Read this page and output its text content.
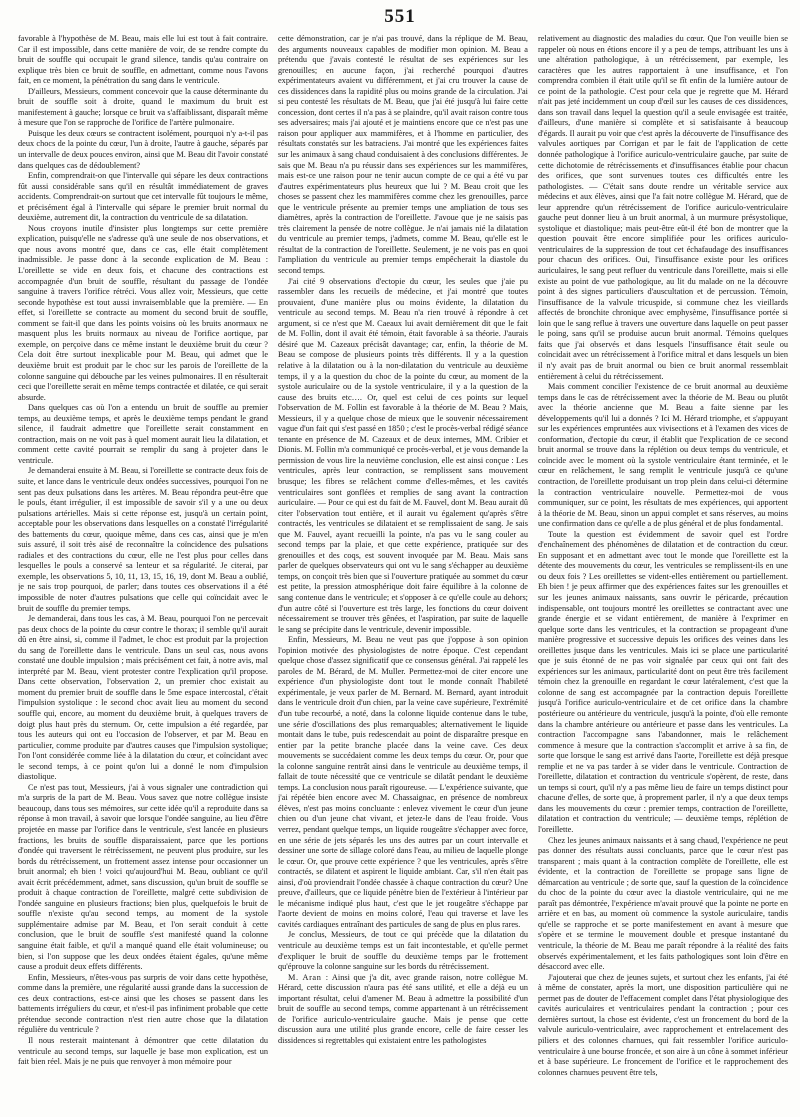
551

favorable à l'hypothèse de M. Beau, mais elle lui est tout à fait contraire. Car il est impossible, dans cette manière de voir, de se rendre compte du bruit de souffle qui occupait le grand silence, tandis qu'au contraire on explique très bien ce bruit de souffle, en admettant, comme nous l'avons fait, en ce moment, la pénétration du sang dans le ventricule.

D'ailleurs, Messieurs, comment concevoir que la cause déterminante du bruit de souffle soit à droite, quand le maximum du bruit est manifestement à gauche; lorsque ce bruit va s'affaiblissant, disparaît même à mesure que l'on se rapproche de l'orifice de l'artère pulmonaire.

Puisque les deux cœurs se contractent isolément, pourquoi n'y a-t-il pas deux chocs de la pointe du cœur, l'un à droite, l'autre à gauche, séparés par un intervalle de deux pouces environ, ainsi que M. Beau dit l'avoir constaté dans quelques cas de dédoublement?

Enfin, comprendrait-on que l'intervalle qui sépare les deux contractions fût aussi considérable sans qu'il en résultât immédiatement de graves accidents. Comprendrait-on surtout que cet intervalle fût toujours le même, et précisément égal à l'intervalle qui sépare le premier bruit normal du deuxième, autrement dit, la contraction du ventricule de sa dilatation.

Nous croyons inutile d'insister plus longtemps sur cette première explication, puisqu'elle ne s'adresse qu'à une seule de nos observations, et que nous avons montré que, dans ce cas, elle était complètement inadmissible. Je passe donc à la seconde explication de M. Beau : L'oreillette se vide en deux fois, et chacune des contractions est accompagnée d'un bruit de souffle, résultant du passage de l'ondée sanguine à travers l'orifice rétréci. Vous allez voir, Messieurs, que cette seconde hypothèse est tout aussi invraisemblable que la première. — En effet, si l'oreillette se contracte au moment du second bruit de souffle, comment se fait-il que dans les points voisins où les bruits anormaux ne masquent plus les bruits normaux au niveau de l'orifice aortique, par exemple, on perçoive dans ce même instant le deuxième bruit du cœur ? Cela doit être surtout inexplicable pour M. Beau, qui admet que le deuxième bruit est produit par le choc sur les parois de l'oreillette de la colonne sanguine qui débouche par les veines pulmonaires. Il en résulterait ceci que l'oreillette serait en même temps contractée et dilatée, ce qui serait absurde.

Dans quelques cas où l'on a entendu un bruit de souffle au premier temps, au deuxième temps, et après le deuxième temps pendant le grand silence, il faudrait admettre que l'oreillette serait constamment en contraction, mais on ne voit pas à quel moment aurait lieu la dilatation, et comment cette cavité pourrait se remplir du sang à projeter dans le ventricule.

Je demanderai ensuite à M. Beau, si l'oreillette se contracte deux fois de suite, et lance dans le ventricule deux ondées successives, pourquoi l'on ne sent pas deux pulsations dans les artères. M. Beau répondra peut-être que le pouls, étant irrégulier, il est impossible de savoir s'il y a une ou deux pulsations artérielles. Mais si cette réponse est, jusqu'à un certain point, acceptable pour les observations dans lesquelles on a constaté l'irrégularité des battements du cœur, quoique même, dans ces cas, ainsi que je m'en suis assuré, il soit très aisé de reconnaître la coïncidence des pulsations radiales et des contractions du cœur, elle ne l'est plus pour celles dans lesquelles le pouls a conservé sa lenteur et sa régularité. Je citerai, par exemple, les observations 5, 10, 11, 13, 15, 16, 19, dont M. Beau a oublié, je ne sais trop pourquoi, de parler; dans toutes ces observations il a été impossible de noter d'autres pulsations que celle qui coïncidait avec le bruit de souffle du premier temps.

Je demanderai, dans tous les cas, à M. Beau, pourquoi l'on ne percevait pas deux chocs de la pointe du cœur contre le thorax; il semble qu'il aurait dû en être ainsi, si, comme il l'admet, le choc est produit par la projection du sang de l'oreillette dans le ventricule. Dans un seul cas, nous avons constaté une double impulsion ; mais précisément cet fait, à notre avis, mal interprété par M. Beau, vient protester contre l'explication qu'il propose. Dans cette observation, l'observation 2, un premier choc existait au moment du premier bruit de souffle dans le 5me espace intercostal, c'était l'impulsion systolique : le second choc avait lieu au moment du second souffle qui, encore, au moment du deuxième bruit, à quelques travers de doigt plus haut près du sternum. Or, cette impulsion a été regardée, par tous les auteurs qui ont eu l'occasion de l'observer, et par M. Beau en particulier, comme produite par d'autres causes que l'impulsion systolique; l'on l'ont considérée comme liée à la dilatation du cœur, et coïncidant avec le second temps, à ce point qu'on lui a donné le nom d'impulsion diastolique.

Ce n'est pas tout, Messieurs, j'ai à vous signaler une contradiction qui m'a surpris de la part de M. Beau. Vous savez que notre collègue insiste beaucoup, dans tous ses mémoires, sur cette idée qu'il a reproduite dans sa réponse à mon travail, à savoir que lorsque l'ondée sanguine, au lieu d'être projetée en masse par l'orifice dans le ventricule, s'est lancée en plusieurs fractions, les bruits de souffle disparaissaient, parce que les portions d'ondée qui traversent le rétrécissement, ne peuvent plus produire, sur les bords du rétrécissement, un frottement assez intense pour occasionner un bruit anormal; eh bien ! voici qu'aujourd'hui M. Beau, oubliant ce qu'il avait écrit précédemment, admet, sans discussion, qu'un bruit de souffle se produit à chaque contraction de l'oreillette, malgré cette subdivision de l'ondée sanguine en plusieurs fractions; bien plus, quelquefois le bruit de souffle n'existe qu'au second temps, au moment de la systole supplémentaire admise par M. Beau, et l'on serait conduit à cette conclusion, que le bruit de souffle s'est manifesté quand la colonne sanguine était faible, et qu'il a manqué quand elle était volumineuse; ou bien, si l'on suppose que les deux ondées étaient égales, qu'une même cause a produit deux effets différents.

Enfin, Messieurs, n'êtes-vous pas surpris de voir dans cette hypothèse, comme dans la première, une régularité aussi grande dans la succession de ces deux contractions, est-ce ainsi que les choses se passent dans les battements irréguliers du cœur, et n'est-il pas infiniment probable que cette prétendue seconde contraction n'est rien autre chose que la dilatation régulière du ventricule ?

Il nous resterait maintenant à démontrer que cette dilatation du ventricule au second temps, sur laquelle je base mon explication, est un fait bien réel. Mais je ne puis que renvoyer à mon mémoire pour

cette démonstration, car je n'ai pas trouvé, dans la réplique de M. Beau, des arguments nouveaux capables de modifier mon opinion. M. Beau a prétendu que j'avais contesté le résultat de ses expériences sur les grenouilles; en aucune façon, j'ai recherché pourquoi d'autres expérimentateurs avaient vu différemment, et j'ai cru trouver la cause de ces dissidences dans la rapidité plus ou moins grande de la circulation. J'ai si peu contesté les résultats de M. Beau, que j'ai été jusqu'à lui faire cette concession, dont certes il n'a pas à se plaindre, qu'il avait raison contre tous ses adversaires; mais j'ai ajouté et je maintiens encore que ce n'est pas une raison pour appliquer aux mammifères, et à l'homme en particulier, des résultats constatés sur les batraciens. J'ai montré que les expériences faites sur les animaux à sang chaud conduisaient à des conclusions différentes. Je sais que M. Beau n'a pu réussir dans ses expériences sur les mammifères, mais est-ce une raison pour ne tenir aucun compte de ce qui a été vu par d'autres expérimentateurs plus heureux que lui ? M. Beau croit que les choses se passent chez les mammifères comme chez les grenouilles, parce que le ventricule présente au premier temps une ampliation de tous ses diamètres, après la contraction de l'oreillette. J'avoue que je ne saisis pas très clairement la pensée de notre collègue. Je n'ai jamais nié la dilatation du ventricule au premier temps, j'admets, comme M. Beau, qu'elle est le résultat de la contraction de l'oreillette. Seulement, je ne vois pas en quoi l'ampliation du ventricule au premier temps empêcherait la diastole du second temps.

J'ai cité 9 observations d'ectopie du cœur, les seules que j'aie pu rassembler dans les recueils de médecine, et j'ai montré que toutes prouvaient, d'une manière plus ou moins évidente, la dilatation du ventricule au second temps. M. Beau n'a rien trouvé à répondre à cet argument, si ce n'est que M. Caeaux lui avait dernièrement dit que le fait de M. Follin, dont il avait été témoin, était favorable à sa théorie. J'aurais désiré que M. Cazeaux précisât davantage; car, enfin, la théorie de M. Beau se compose de plusieurs points très différents. Il y a la question relative à la dilatation ou à la non-dilatation du ventricule au deuxième temps, il y a la question du choc de la pointe du cœur, au moment de la systole auriculaire ou de la systole ventriculaire, il y a la question de la cause des bruits etc…. Or, quel est celui de ces points sur lequel l'observation de M. Follin est favorable à la théorie de M. Beau ? Mais, Messieurs, il y a quelque chose de mieux que le souvenir nécessairement vague d'un fait qui s'est passé en 1850 ; c'est le procès-verbal rédigé séance tenante en présence de M. Cazeaux et de deux internes, MM. Cribier et Dionis. M. Follin m'a communiqué ce procès-verbal, et je vous demande la permission de vous lire la neuvième conclusion, elle est ainsi conçue : Les ventricules, après leur contraction, se remplissent sans mouvement brusque; les fibres se relâchent comme d'elles-mêmes, et les cavités ventriculaires sont gonflées et remplies de sang avant la contraction auriculaire. — Pour ce qui est du fait de M. Fauvel, dont M. Beau aurait dû citer l'observation tout entière, et il aurait vu également qu'après s'être contractés, les ventricules se dilataient et se remplissaient de sang. Je sais que M. Fauvel, ayant recueilli la pointe, n'a pas vu le sang couler au second temps par la plaie, et que cette expérience, pratiquée sur des grenouilles et des coqs, est souvent invoquée par M. Beau. Mais sans parler de quelques observateurs qui ont vu le sang s'échapper au deuxième temps, on conçoit très bien que si l'ouverture pratiquée au sommet du cœur est petite, la pression atmosphérique doit faire équilibre à la colonne de sang contenue dans le ventricule; et s'opposer à ce qu'elle coule au dehors; d'un autre côté si l'ouverture est très large, les fonctions du cœur doivent nécessairement se trouver très gênées, et l'aspiration, par suite de laquelle le sang se précipite dans le ventricule, devenir impossible.

Enfin, Messieurs, M. Beau ne veut pas que j'oppose à son opinion l'opinion motivée des physiologistes de notre époque. C'est cependant quelque chose d'assez significatif que ce consensus général. J'ai rappelé les paroles de M. Bérard, de M. Muller. Permettez-moi de citer encore une expérience d'un physiologiste dont tout le monde connaît l'habileté expérimentale, je veux parler de M. Bernard. M. Bernard, ayant introduit dans le ventricule droit d'un chien, par la veine cave supérieure, l'extrémité d'un tube recourbé, a noté, dans la colonne liquide contenue dans le tube, une série d'oscillations des plus remarquables; alternativement le liquide montait dans le tube, puis redescendait au point de disparaître presque en entier par la petite branche placée dans la veine cave. Ces deux mouvements se succédaient comme les deux temps du cœur. Or, pour que la colonne sanguine rentrât ainsi dans le ventricule au deuxième temps, il fallait de toute nécessité que ce ventricule se dilatât pendant le deuxième temps. La conclusion nous paraît rigoureuse. — L'expérience suivante, que j'ai répétée bien encore avec M. Chassaignac, en présence de nombreux élèves, n'est pas moins concluante : enlevez vivement le cœur d'un jeune chien ou d'un jeune chat vivant, et jetez-le dans de l'eau froide. Vous verrez, pendant quelque temps, un liquide rougeâtre s'échapper avec force, en une série de jets séparés les uns des autres par un court intervalle et dessiner une sorte de sillage coloré dans l'eau, au milieu de laquelle plonge le cœur. Or, que prouve cette expérience ? que les ventricules, après s'être contractés, se dilatent et aspirent le liquide ambiant. Car, s'il n'en était pas ainsi, d'où proviendrait l'ondée chassée à chaque contraction du cœur? Une preuve, d'ailleurs, que ce liquide pénètre bien de l'extérieur à l'intérieur par le mécanisme indiqué plus haut, c'est que le jet rougeâtre s'échappe par l'aorte devient de moins en moins coloré, l'eau qui traverse et lave les cavités cardiaques entraînant des particules de sang de plus en plus rares.

Je conclus, Messieurs, de tout ce qui précède que la dilatation du ventricule au deuxième temps est un fait incontestable, et qu'elle permet d'expliquer le bruit de souffle du deuxième temps par le frottement qu'éprouve la colonne sanguine sur les bords du rétrécissement.

M. Aran : Ainsi que j'a dit, avec grande raison, notre collègue M. Hérard, cette discussion n'aura pas été sans utilité, et elle a déjà eu un important résultat, celui d'amener M. Beau à admettre la possibilité d'un bruit de souffle au second temps, comme appartenant à un rétrécissement de l'orifice auriculo-ventriculaire gauche. Mais je pense que cette discussion aura une utilité plus grande encore, celle de faire cesser les dissidences si regrettables qui existaient entre les pathologistes

relativement au diagnostic des maladies du cœur. Que l'on veuille bien se rappeler où nous en étions encore il y a peu de temps, attribuant les uns à une altération pathologique, à un rétrécissement, par exemple, les caractères que les autres rapportaient à une insuffisance, et l'on comprendra combien il était utile qu'il se fît enfin de la lumière autour de ce point de la pathologie. C'est pour cela que je regrette que M. Hérard n'ait pas jeté incidemment un coup d'œil sur les causes de ces dissidences, dans son travail dans lequel la question qu'il a seule envisagée est traitée, d'ailleurs, d'une manière si complète et si satisfaisante à beaucoup d'égards. Il aurait pu voir que c'est après la découverte de l'insuffisance des valvules aortiques par Corrigan et par le fait de l'application de cette donnée pathologique à l'orifice auriculo-ventriculaire gauche, par suite de cette dichotomie de rétrécissements et d'insuffisances établie pour chacun des orifices, que sont survenues toutes ces difficultés entre les pathologistes. — C'était sans doute rendre un véritable service aux médecins et aux élèves, ainsi que l'a fait notre collègue M. Hérard, que de leur apprendre qu'un rétrécissement de l'orifice auriculo-ventriculaire gauche peut donner lieu à un bruit anormal, à un murmure présystolique, systolique et diastolique; mais peut-être eût-il été bon de montrer que la question pouvait être encore simplifiée pour les orifices auriculo-ventriculaires de la suppression de tout cet échafaudage des insuffisances pour chacun des orifices. Oui, l'insuffisance existe pour les orifices auriculaires, le sang peut refluer du ventricule dans l'oreillette, mais si elle existe au point de vue pathologique, au lit du malade on ne la découvre point à des signes particuliers d'auscultation et de percussion. Témoin, l'insuffisance de la valvule tricuspide, si commune chez les vieillards affectés de bronchite chronique avec emphysème, l'insuffisance portée si loin que le sang reflue à travers une ouverture dans laquelle on peut passer le poing, sans qu'il se produise aucun bruit anormal. Témoins quelques faits que j'ai observés et dans lesquels l'insuffisance était seule ou coïncidait avec un rétrécissement à l'orifice mitral et dans lesquels un bien il n'y avait pas de bruit anormal ou bien ce bruit anormal ressemblait entièrement à celui du rétrécissement.

Mais comment concilier l'existence de ce bruit anormal au deuxième temps dans le cas de rétrécissement avec la théorie de M. Beau ou plutôt avec la théorie ancienne que M. Beau a faite sienne par les développements qu'il lui a donnés ? Ici M. Hérard triomphe, et s'appuyant sur les expériences empruntées aux vivisections et à l'examen des vices de conformation, d'ectopie du cœur, il établit que l'explication de ce second bruit anormal se trouve dans la réplétion ou deux temps du ventricule, et coïncide avec le moment où la systole ventriculaire étant terminée, et le cœur en relâchement, le sang remplit le ventricule jusqu'à ce qu'une contraction, de l'oreillette produisant un trop plein dans celui-ci détermine la contraction ventriculaire nouvelle. Permettez-moi de vous communiquer, sur ce point, les résultats de mes expériences, qui apportent à la théorie de M. Beau, sinon un appui complet et sans réserves, au moins une confirmation dans ce qu'elle a de plus général et de plus fondamental.

Toute la question est évidemment de savoir quel est l'ordre d'enchaînement des phénomènes de dilatation et de contraction du cœur. En supposant et en admettant avec tout le monde que l'oreillette est la détente des mouvements du cœur, les ventricules se remplissent-ils en une ou deux fois ? Les oreillettes se vident-elles entièrement ou partiellement. Eh bien ! je peux affirmer que des expériences faites sur les grenouilles et sur les jeunes animaux naissants, sans ouvrir le péricarde, précaution indispensable, ont toujours montré les oreillettes se contractant avec une grande énergie et se vidant entièrement, de manière à l'exprimer en quelque sorte dans les ventricules, et la contraction se propageant d'une manière progressive et successive depuis les orifices des veines dans les oreillettes jusque dans les ventricules. Mais ici se place une particularité que je suis étonné de ne pas voir signalée par ceux qui ont fait des expériences sur les animaux, particularité dont on peut être très facilement témoin chez la grenouille en regardant le cœur latéralement, c'est que la colonne de sang est accompagnée par la contraction depuis l'oreillette jusqu'à l'orifice auriculo-ventriculaire et de cet orifice dans la chambre postérieure ou antérieure du ventricule, jusqu'à la pointe, d'où elle remonte dans la chambre antérieure ou antérieure et passe dans les ventricules. La contraction l'accompagne sans l'abandonner, mais le relâchement commence à mesure que la contraction s'accomplit et arrive à sa fin, de sorte que lorsque le sang est arrivé dans l'aorte, l'oreillette est déjà presque remplie et ne va pas tarder à se vider dans le ventricule. Contraction de l'oreillette, dilatation et contraction du ventricule s'opèrent, de reste, dans un temps si court, qu'il n'y a pas même lieu de faire un temps distinct pour chacune d'elles, de sorte que, à proprement parler, il n'y a que deux temps dans les mouvements du cœur : premier temps, contraction de l'oreillette, dilatation et contraction du ventricule; — deuxième temps, réplétion de l'oreillette.

Chez les jeunes animaux naissants et à sang chaud, l'expérience ne peut pas donner des résultats aussi concluants, parce que le cœur n'est pas transparent ; mais quant à la contraction complète de l'oreillette, elle est évidente, et la contraction de l'oreillette se propage sans ligne de démarcation au ventricule ; de sorte que, sauf la question de la coïncidence du choc de la pointe du cœur avec la diastole ventriculaire, qui ne me paraît pas démontrée, l'expérience m'avait prouvé que la pointe ne porte en arrière et en bas, au moment où commence la systole auriculaire, tandis qu'elle se rapproche et se porte manifestement en avant à mesure que s'opère et se termine le mouvement double et presque instantané du ventricule, la théorie de M. Beau me paraît répondre à la réalité des faits observés expérimentalement, et les faits pathologiques sont loin d'être en désaccord avec elle.

J'ajouterai que chez de jeunes sujets, et surtout chez les enfants, j'ai été à même de constater, après la mort, une disposition particulière qui ne permet pas de douter de l'effacement complet dans l'état physiologique des cavités auriculaires et ventriculaires pendant la contraction ; pour ces dernières surtout, la chose est évidente, c'est un froncement du bord de la valvule auriculo-ventriculaire, avec rapprochement et entrelacement des piliers et des colonnes charnues, qui fait ressembler l'orifice auriculo-ventriculaire à une bourse froncée, et son aire à un cône à sommet inférieur et à base supérieure. Le froncement de l'orifice et le rapprochement des colonnes charnues peuvent être tels,
